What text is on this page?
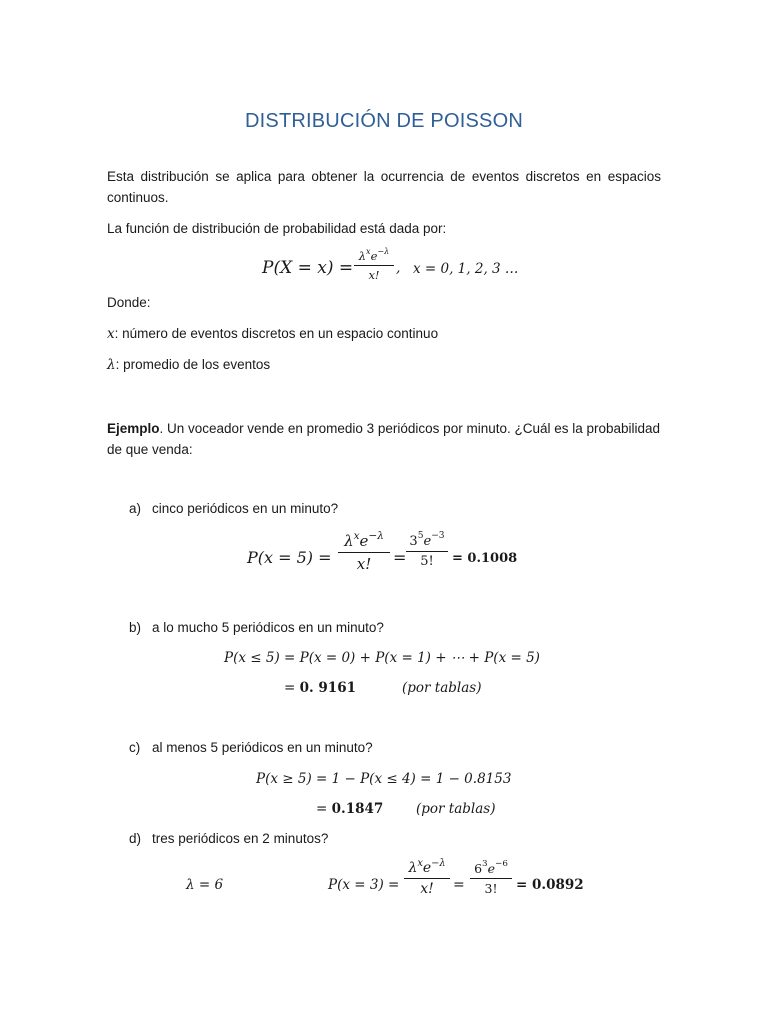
DISTRIBUCIÓN DE POISSON
Esta distribución se aplica para obtener la ocurrencia de eventos discretos en espacios continuos.
La función de distribución de probabilidad está dada por:
P(X = x) =
$\lambda^xe^{-\lambda}$
x!	, x = 0, 1, 2, 3 …
Donde:
x: número de eventos discretos en un espacio continuo
λ: promedio de los eventos
Ejemplo. Un voceador vende en promedio 3 periódicos por minuto. ¿Cuál es la probabilidad de que venda:
a) cinco periódicos en un minuto?
P(x = 5) =
$\lambda^xe^{-\lambda}$
x!	=
$3^5e^{-3}$
5!	= 0.1008
b) a lo mucho 5 periódicos en un minuto?
P(x ≤ 5) = P(x = 0) + P(x = 1) + ⋯ + P(x = 5)
= 0. 9161	(por tablas)
c) al menos 5 periódicos en un minuto?
P(x ≥ 5) = 1 − P(x ≤ 4) = 1 − 0.8153
= 0.1847 (por tablas)
d) tres periódicos en 2 minutos?
λ = 6	P(x = 3) =
$\lambda^xe^{-\lambda}$
x!	=
$6^3e^{-6}$
3!	= 0.0892
